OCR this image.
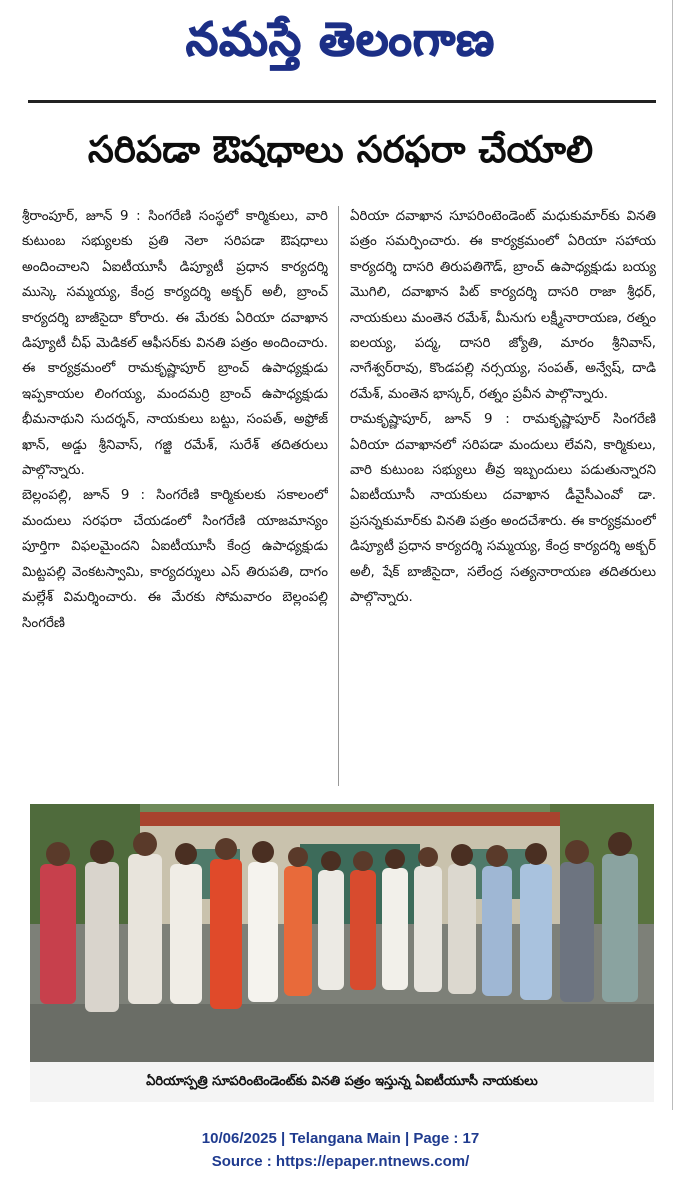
నమస్తే తెలంగాణ
సరిపడా ఔషధాలు సరఫరా చేయాలి

శ్రీరాంపూర్, జూన్ 9 : సింగరేణి సంస్థలో కార్మికులు, వారి కుటుంబ సభ్యులకు ప్రతి నెలా సరిపడా ఔషధాలు అందించాలని ఏఐటీయూసీ డిప్యూటీ ప్రధాన కార్యదర్శి ముస్కె సమ్మయ్య, కేంద్ర కార్యదర్శి అక్బర్ అలీ, బ్రాంచ్ కార్యదర్శి బాజీసైదా కోరారు. ఈ మేరకు ఏరియా దవాఖాన డిప్యూటీ చీఫ్ మెడికల్ ఆఫీసర్‌కు వినతి పత్రం అందించారు. ఈ కార్యక్రమంలో రామకృష్ణాపూర్ బ్రాంచ్ ఉపాధ్యక్షుడు ఇప్పకాయల లింగయ్య, మందమర్రి బ్రాంచ్ ఉపాధ్యక్షుడు భీమనాథుని సుదర్శన్, నాయకులు బట్టు, సంపత్, అఫ్రోజ్ ఖాన్, అడ్డు శ్రీనివాస్, గజ్జి రమేశ్, సురేశ్ తదితరులు పాల్గొన్నారు.

బెల్లంపల్లి, జూన్ 9 : సింగరేణి కార్మికులకు సకాలంలో మందులు సరఫరా చేయడంలో సింగరేణి యాజమాన్యం పూర్తిగా విఫలమైందని ఏఐటీయూసీ కేంద్ర ఉపాధ్యక్షుడు మిట్టపల్లి వెంకటస్వామి, కార్యదర్శులు ఎస్ తిరుపతి, దాగం మల్లేశ్ విమర్శించారు. ఈ మేరకు సోమవారం బెల్లంపల్లి సింగరేణి

ఏరియా దవాఖాన సూపరింటెండెంట్ మధుకుమార్‌కు వినతి పత్రం సమర్పించారు. ఈ కార్యక్రమంలో ఏరియా సహాయ కార్యదర్శి దాసరి తిరుపతిగౌడ్, బ్రాంచ్ ఉపాధ్యక్షుడు బయ్య మొగిలి, దవాఖాన పిట్ కార్యదర్శి దాసరి రాజా శ్రీధర్, నాయకులు మంతెన రమేశ్, మీనుగు లక్ష్మీనారాయణ, రత్నం ఐలయ్య, పద్మ, దాసరి జ్యోతి, మారం శ్రీనివాస్, నాగేశ్వర్‌రావు, కొండపల్లి నర్సయ్య, సంపత్, అన్వేష్, దాడి రమేశ్, మంతెన భాస్కర్, రత్నం ప్రవీన పాల్గొన్నారు.

రామకృష్ణాపూర్, జూన్ 9 : రామకృష్ణాపూర్ సింగరేణి ఏరియా దవాఖానలో సరిపడా మందులు లేవని, కార్మికులు, వారి కుటుంబ సభ్యులు తీవ్ర ఇబ్బందులు పడుతున్నారని ఏఐటీయూసీ నాయకులు దవాఖాన డీవైసీఎంవో డా. ప్రసన్నకుమార్‌కు వినతి పత్రం అందచేశారు. ఈ కార్యక్రమంలో డిప్యూటీ ప్రధాన కార్యదర్శి సమ్మయ్య, కేంద్ర కార్యదర్శి అక్బర్ అలీ, షేక్ బాజీసైదా, సలేంద్ర సత్యనారాయణ తదితరులు పాల్గొన్నారు.

ఏరియాస్పత్రి సూపరింటెండెంట్‌కు వినతి పత్రం ఇస్తున్న ఏఐటీయూసీ నాయకులు
10/06/2025 | Telangana Main | Page : 17
Source : https://epaper.ntnews.com/
